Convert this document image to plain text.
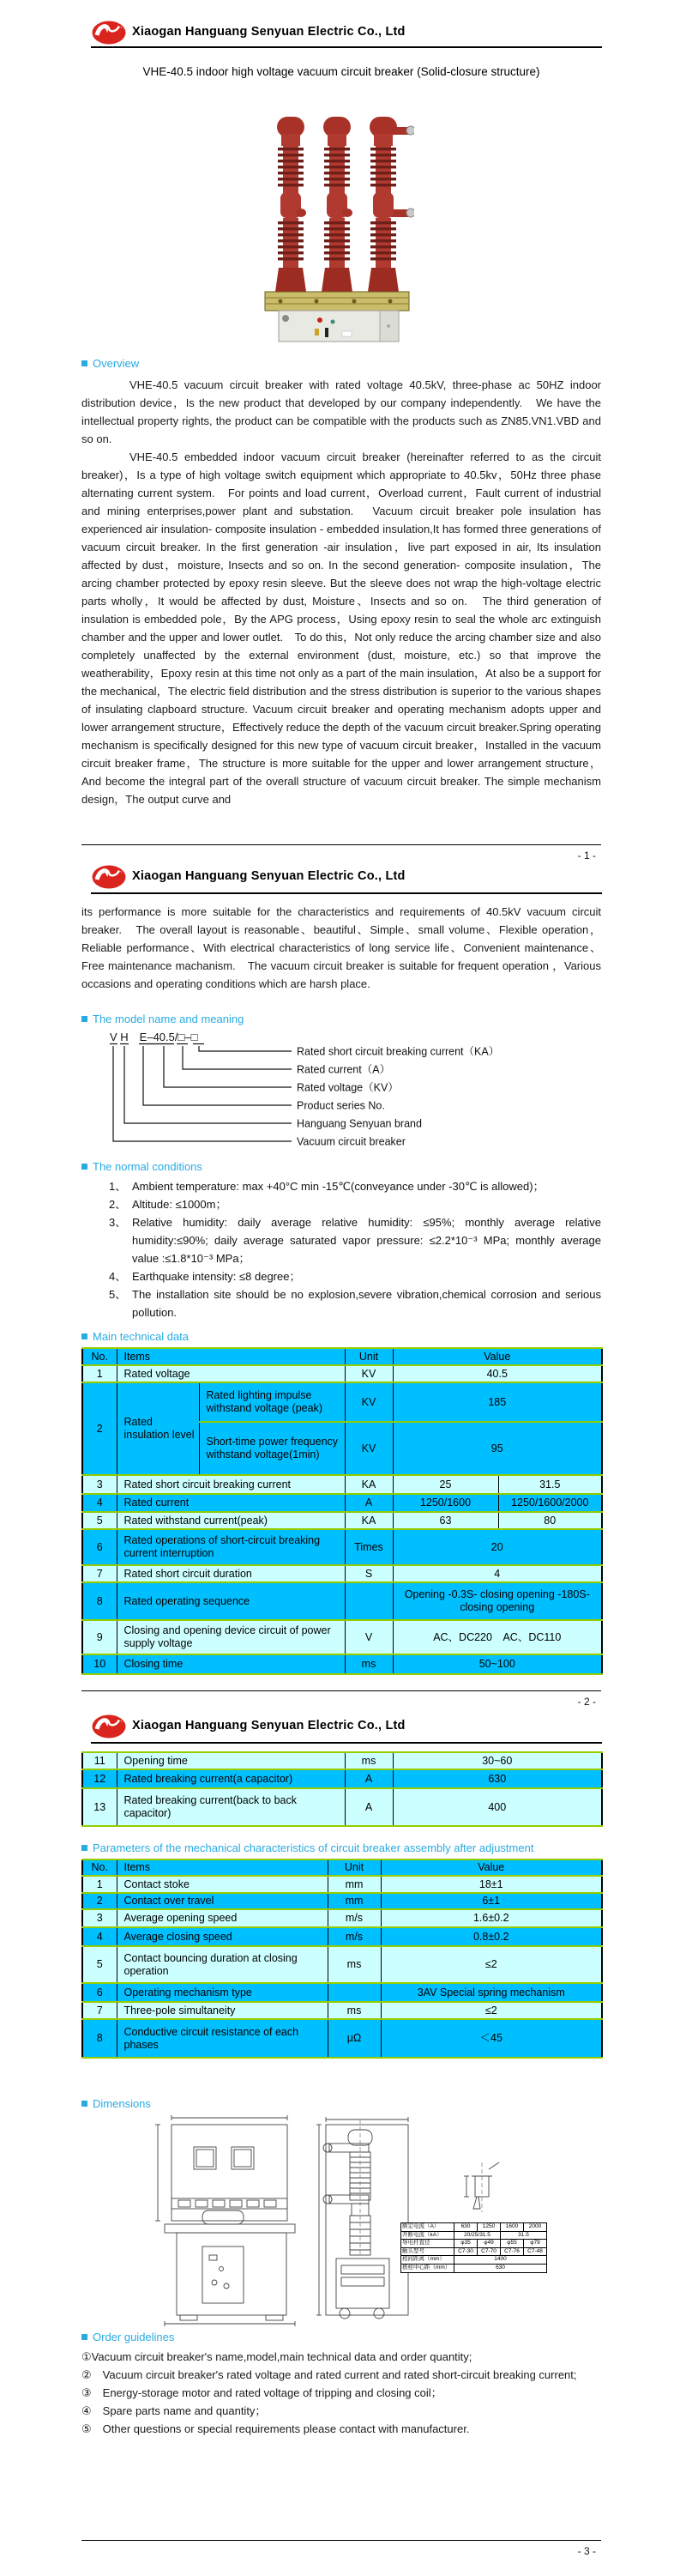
Xiaogan Hanguang Senyuan Electric Co., Ltd
VHE-40.5 indoor high voltage vacuum circuit breaker (Solid-closure structure)
Overview
VHE-40.5 vacuum circuit breaker with rated voltage 40.5kV, three-phase ac 50HZ indoor distribution device，Is the new product that developed by our company independently.　We have the intellectual property rights, the product can be compatible with the products such as ZN85.VN1.VBD and so on.
VHE-40.5 embedded indoor vacuum circuit breaker (hereinafter referred to as the circuit breaker)，Is a type of high voltage switch equipment which appropriate to 40.5kv，50Hz three phase alternating current system.　For points and load current，Overload current，Fault current of industrial and mining enterprises,power plant and substation.　Vacuum circuit breaker pole insulation has experienced air insulation- composite insulation - embedded insulation,It has formed three generations of vacuum circuit breaker. In the first generation -air insulation，live part exposed in air, Its insulation affected by dust，moisture, Insects and so on. In the second generation- composite insulation，The arcing chamber protected by epoxy resin sleeve. But the sleeve does not wrap the high-voltage electric parts wholly，It would be affected by dust, Moisture、Insects and so on.　The third generation of insulation is embedded pole，By the APG process，Using epoxy resin to seal the whole arc extinguish chamber and the upper and lower outlet.　To do this，Not only reduce the arcing chamber size and also completely unaffected by the external environment (dust, moisture, etc.) so that improve the weatherability，Epoxy resin at this time not only as a part of the main insulation，At also be a support for the mechanical，The electric field distribution and the stress distribution is superior to the various shapes of insulating clapboard structure. Vacuum circuit breaker and operating mechanism adopts upper and lower arrangement structure，Effectively reduce the depth of the vacuum circuit breaker.Spring operating mechanism is specifically designed for this new type of vacuum circuit breaker，Installed in the vacuum circuit breaker frame，The structure is more suitable for the upper and lower arrangement structure，And become the integral part of the overall structure of vacuum circuit breaker. The simple mechanism design，The output curve and
- 1 -
Xiaogan Hanguang Senyuan Electric Co., Ltd
its performance is more suitable for the characteristics and requirements of 40.5kV vacuum circuit breaker.　The overall layout is reasonable、beautiful、Simple、small volume、Flexible operation，Reliable performance、With electrical characteristics of long service life、Convenient maintenance、Free maintenance machanism.　The vacuum circuit breaker is suitable for frequent operation ，Various occasions and operating conditions which are harsh place.
The model name and meaning
V H　E–40.5/□–□
Rated short circuit breaking current（KA）
Rated current（A）
Rated voltage（KV）
Product series No.
Hanguang Senyuan brand
Vacuum circuit breaker
The normal conditions
1、 Ambient temperature: max +40°C min -15℃(conveyance under -30℃ is allowed)；
2、 Altitude: ≤1000m；
3、 Relative humidity: daily average relative humidity: ≤95%; monthly average relative humidity:≤90%; daily average saturated vapor pressure: ≤2.2*10⁻³ MPa; monthly average value :≤1.8*10⁻³ MPa；
4、 Earthquake intensity: ≤8 degree；
5、 The installation site should be no explosion,severe vibration,chemical corrosion and serious pollution.
Main technical data
No.	Items		Unit	Value	
1	Rated voltage		KV	40.5	
2	Rated insulation level	Rated lighting impulse withstand voltage (peak)	KV	185	
		Short-time power frequency withstand voltage(1min)	KV	95	
3	Rated short circuit breaking current		KA	25	31.5
4	Rated current		A	1250/1600	1250/1600/2000
5	Rated withstand current(peak)		KA	63	80
6	Rated operations of short-circuit breaking current interruption		Times	20	
7	Rated short circuit duration		S	4	
8	Rated operating sequence			Opening -0.3S- closing opening -180S- closing opening	
9	Closing and opening device circuit of power supply voltage		V	AC、DC220　AC、DC110	
10	Closing time		ms	50~100	
- 2 -
Xiaogan Hanguang Senyuan Electric Co., Ltd
11	Opening time	ms	30~60
12	Rated breaking current(a capacitor)	A	630
13	Rated breaking current(back to back capacitor)	A	400
Parameters of the mechanical characteristics of circuit breaker assembly after adjustment
No.	Items	Unit	Value
1	Contact stoke	mm	18±1
2	Contact over travel	mm	6±1
3	Average opening speed	m/s	1.6±0.2
4	Average closing speed	m/s	0.8±0.2
5	Contact bouncing duration at closing operation	ms	≤2
6	Operating mechanism type		3AV Special spring mechanism
7	Three-pole simultaneity	ms	≤2
8	Conductive circuit resistance of each phases	μΩ	＜45
Dimensions
额定电流（A）	630	1250	1600	2000
开断电流（kA）	20/25/31.5		31.5	
导电杆直径	φ35	φ49	φ55	φ79
触头型号	C7-30	C7-70	C7-76	C7-48
相间距离（mm）	1400			
极柱中心距（mm）	630			
Order guidelines
①Vacuum circuit breaker's name,model,main technical data and order quantity;
②　Vacuum circuit breaker's rated voltage and rated current and rated short-circuit breaking current;
③　Energy-storage motor and rated voltage of tripping and closing coil；
④　Spare parts name and quantity；
⑤　Other questions or special requirements please contact with manufacturer.
- 3 -
